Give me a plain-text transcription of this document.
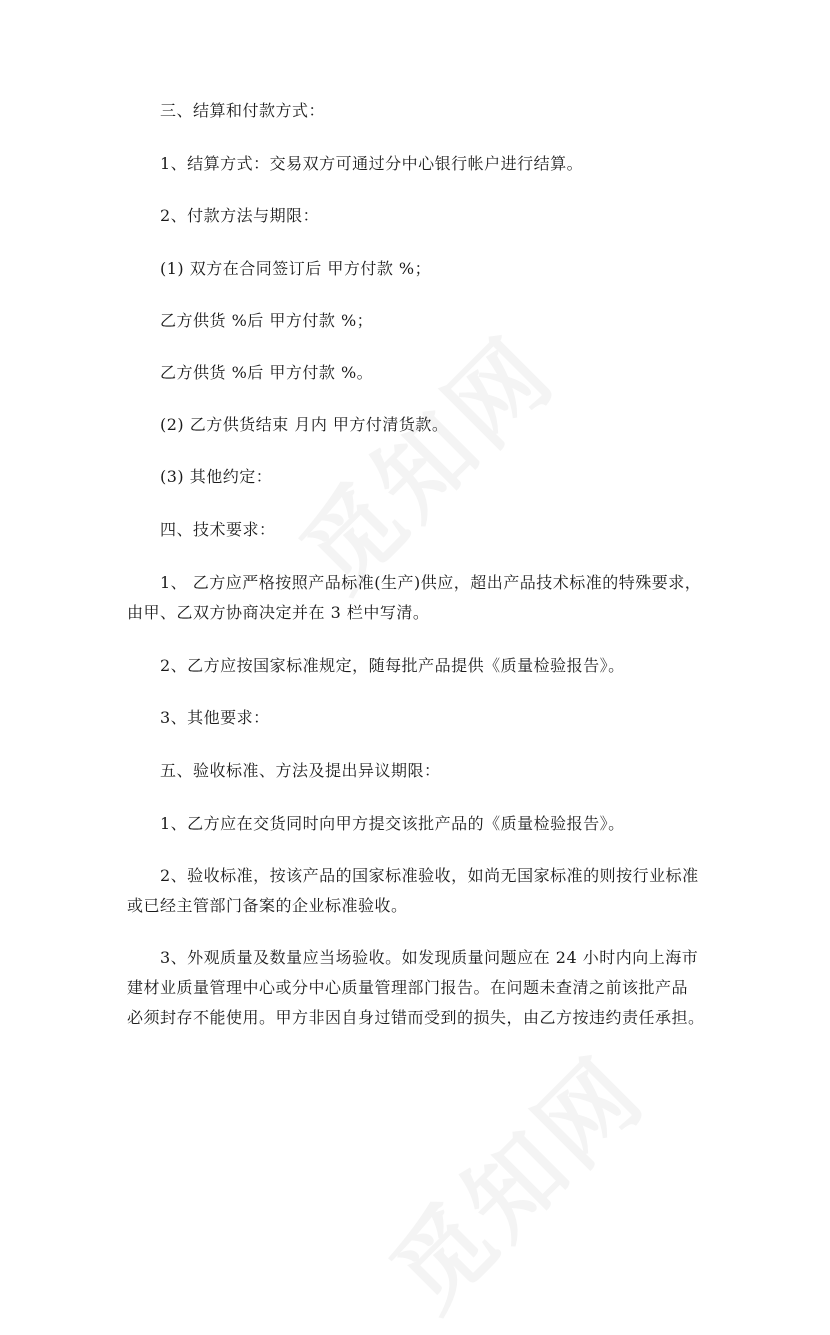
三、结算和付款方式：
1、结算方式：交易双方可通过分中心银行帐户进行结算。
2、付款方法与期限：
(1) 双方在合同签订后 甲方付款 %；
乙方供货 %后 甲方付款 %；
乙方供货 %后 甲方付款 %。
(2) 乙方供货结束 月内 甲方付清货款。
(3) 其他约定：
四、技术要求：
1、 乙方应严格按照产品标准(生产)供应，超出产品技术标准的特殊要求，
由甲、乙双方协商决定并在 3 栏中写清。
2、乙方应按国家标准规定，随每批产品提供《质量检验报告》。
3、其他要求：
五、验收标准、方法及提出异议期限：
1、乙方应在交货同时向甲方提交该批产品的《质量检验报告》。
2、验收标准，按该产品的国家标准验收，如尚无国家标准的则按行业标准
或已经主管部门备案的企业标准验收。
3、外观质量及数量应当场验收。如发现质量问题应在 24 小时内向上海市
建材业质量管理中心或分中心质量管理部门报告。在问题未查清之前该批产品
必须封存不能使用。甲方非因自身过错而受到的损失，由乙方按违约责任承担。
